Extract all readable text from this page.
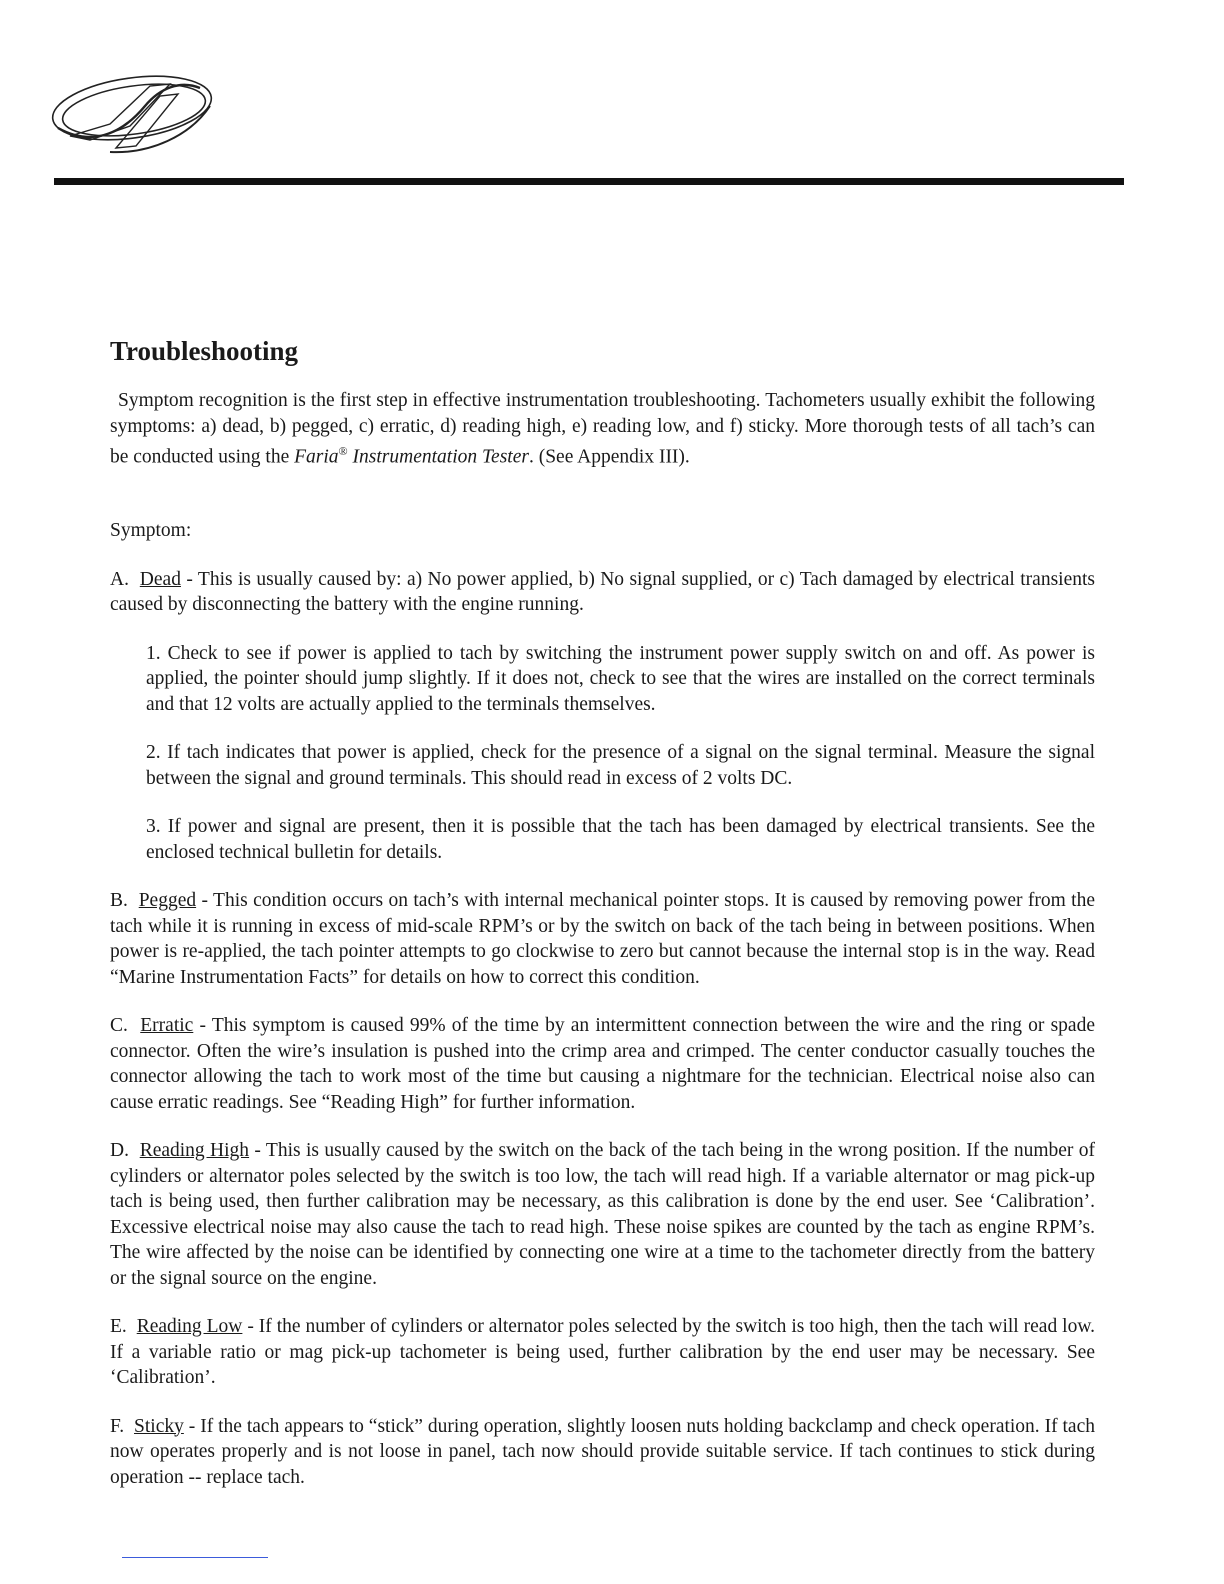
Troubleshooting

Symptom recognition is the first step in effective instrumentation troubleshooting. Tachometers usually exhibit the following symptoms: a) dead, b) pegged, c) erratic, d) reading high, e) reading low, and f) sticky. More thorough tests of all tach’s can be conducted using the Faria® Instrumentation Tester. (See Appendix III).

Symptom:

A. Dead - This is usually caused by: a) No power applied, b) No signal supplied, or c) Tach damaged by electrical transients caused by disconnecting the battery with the engine running.

1. Check to see if power is applied to tach by switching the instrument power supply switch on and off. As power is applied, the pointer should jump slightly. If it does not, check to see that the wires are installed on the correct terminals and that 12 volts are actually applied to the terminals themselves.

2. If tach indicates that power is applied, check for the presence of a signal on the signal terminal. Measure the signal between the signal and ground terminals. This should read in excess of 2 volts DC.

3. If power and signal are present, then it is possible that the tach has been damaged by electrical transients. See the enclosed technical bulletin for details.

B. Pegged - This condition occurs on tach’s with internal mechanical pointer stops. It is caused by removing power from the tach while it is running in excess of mid-scale RPM’s or by the switch on back of the tach being in between positions. When power is re-applied, the tach pointer attempts to go clockwise to zero but cannot because the internal stop is in the way. Read “Marine Instrumentation Facts” for details on how to correct this condition.

C. Erratic - This symptom is caused 99% of the time by an intermittent connection between the wire and the ring or spade connector. Often the wire’s insulation is pushed into the crimp area and crimped. The center conductor casually touches the connector allowing the tach to work most of the time but causing a nightmare for the technician. Electrical noise also can cause erratic readings. See “Reading High” for further information.

D. Reading High - This is usually caused by the switch on the back of the tach being in the wrong position. If the number of cylinders or alternator poles selected by the switch is too low, the tach will read high. If a variable alternator or mag pick-up tach is being used, then further calibration may be necessary, as this calibration is done by the end user. See ‘Calibration’. Excessive electrical noise may also cause the tach to read high. These noise spikes are counted by the tach as engine RPM’s. The wire affected by the noise can be identified by connecting one wire at a time to the tachometer directly from the battery or the signal source on the engine.

E. Reading Low - If the number of cylinders or alternator poles selected by the switch is too high, then the tach will read low. If a variable ratio or mag pick-up tachometer is being used, further calibration by the end user may be necessary. See ‘Calibration’.

F. Sticky - If the tach appears to “stick” during operation, slightly loosen nuts holding backclamp and check operation. If tach now operates properly and is not loose in panel, tach now should provide suitable service. If tach continues to stick during operation -- replace tach.
